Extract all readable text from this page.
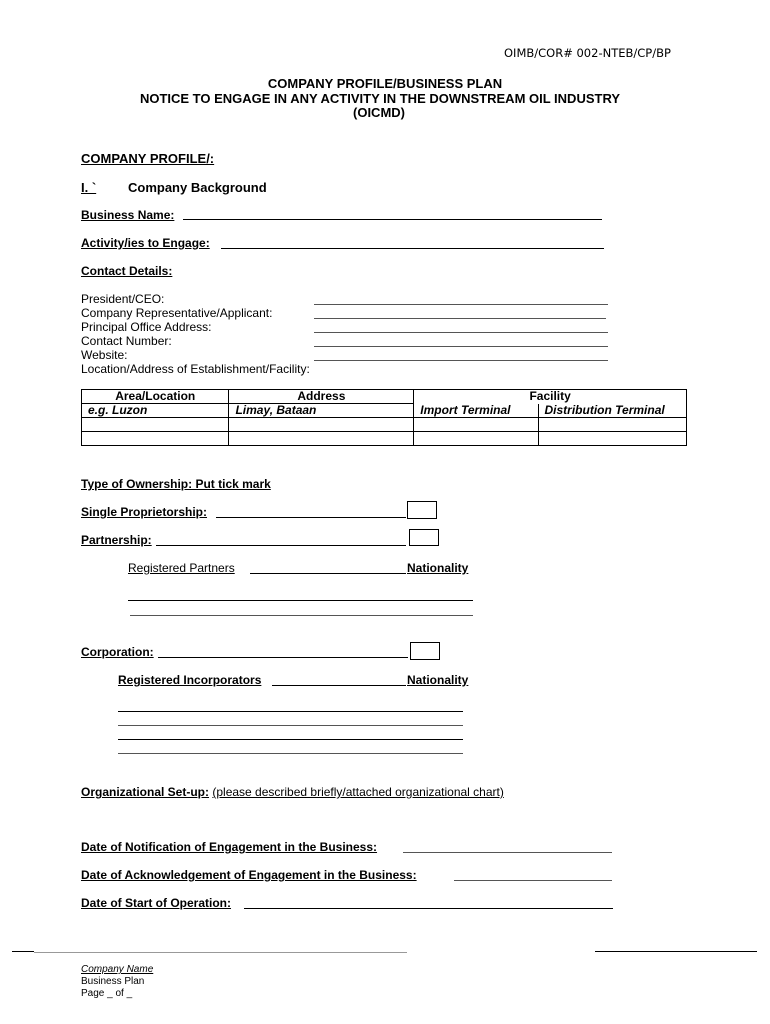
OIMB/COR# 002-NTEB/CP/BP
COMPANY PROFILE/BUSINESS PLAN
NOTICE TO ENGAGE IN ANY ACTIVITY IN THE DOWNSTREAM OIL INDUSTRY
(OICMD)
COMPANY PROFILE/:
I. ` Company Background
Business Name:
Activity/ies to Engage:
Contact Details:
President/CEO:
Company Representative/Applicant:
Principal Office Address:
Contact Number:
Website:
Location/Address of Establishment/Facility:
Area/Location	Address	Facility	
e.g. Luzon	Limay, Bataan	Import Terminal	Distribution Terminal

Type of Ownership: Put tick mark
Single Proprietorship:
Partnership:
Registered Partners	Nationality
Corporation:
Registered Incorporators	Nationality
Organizational Set-up: (please described briefly/attached organizational chart)
Date of Notification of Engagement in the Business:
Date of Acknowledgement of Engagement in the Business:
Date of Start of Operation:
Company Name
Business Plan
Page _ of _
